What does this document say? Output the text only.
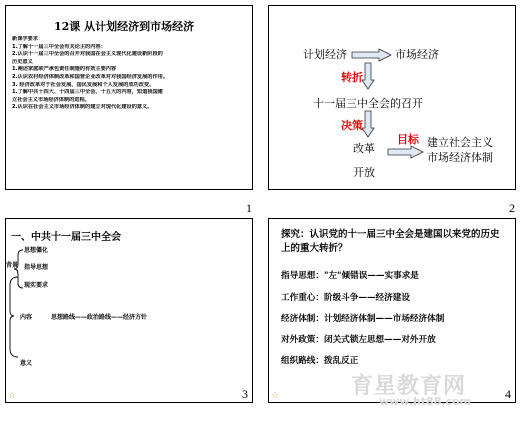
12课 从计划经济到市场经济
新课学要求
1.了解十一届三中全会有关论主的内容：
2.认识十一届三中全会的召开对我国在会主义现代化建设新阶段的
历史意义
1.阐述家庭联产承包责任制施的有效主要内容
2.认识农村经济体制改革和国营企业改革对对我国经济发展的作用。
3. 经济改革对于社会发展、国民发展和个人发展的成功改变。
1.了解中共十四大、十四届三中全会、十五大的内容，知道我国建
立社会主义市场经济体制的进程。
2.认识在社会主义市场经济体制的建立对现代化建设的意义。
1
计划经济	市场经济
转折
十一届三中全会的召开
决策
改革
开放
目标 建立社会主义
市场经济体制
2
一、中共十一届三中全会
思想僵化
指导思想
现实要求
背景
内容	思想路线——政治路线——经济方针
意义
☆	3
探究：认识党的十一届三中全会是建国以来党的历史上的重大转折？
指导思想："左"倾错误——实事求是
工作重心：阶级斗争——经济建设
经济体制：计划经济体制——市场经济体制
对外政策：闭关式锁左思想——对外开放
组织路线：拨乱反正
育星教育网
www.ht88.com
☆	4
